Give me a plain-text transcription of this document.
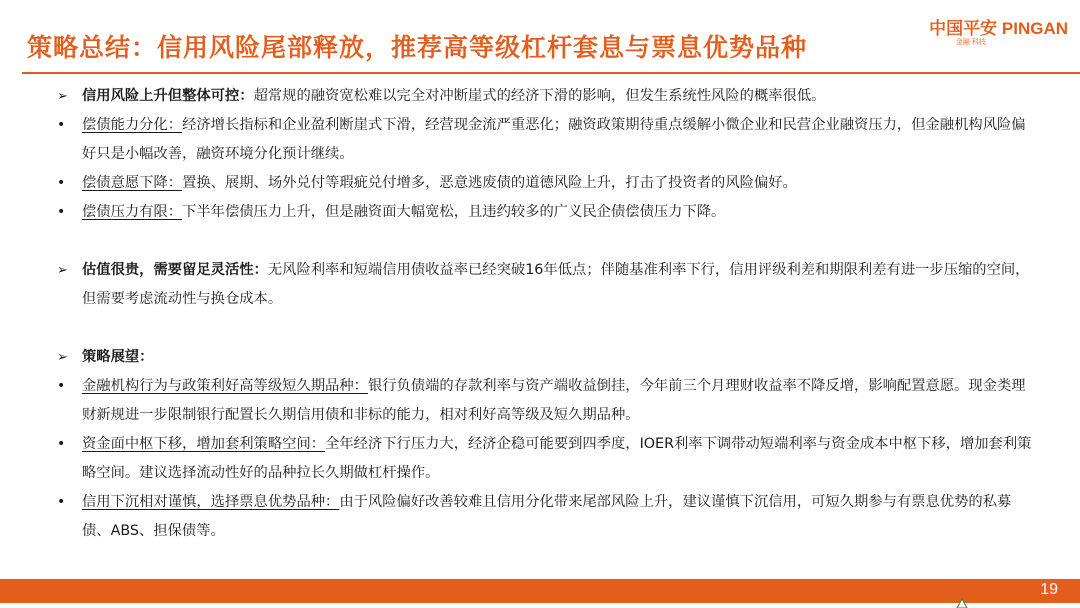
策略总结：信用风险尾部释放，推荐高等级杠杆套息与票息优势品种
中国平安 PINGAN
金融·科技
➢ 信用风险上升但整体可控：超常规的融资宽松难以完全对冲断崖式的经济下滑的影响，但发生系统性风险的概率很低。
•	偿债能力分化：经济增长指标和企业盈利断崖式下滑，经营现金流严重恶化；融资政策期待重点缓解小微企业和民营企业融资压力，但金融机构风险偏好只是小幅改善，融资环境分化预计继续。
•	偿债意愿下降：置换、展期、场外兑付等瑕疵兑付增多，恶意逃废债的道德风险上升，打击了投资者的风险偏好。
•	偿债压力有限：下半年偿债压力上升，但是融资面大幅宽松，且违约较多的广义民企债偿债压力下降。
➢ 估值很贵，需要留足灵活性：无风险利率和短端信用债收益率已经突破16年低点；伴随基准利率下行，信用评级利差和期限利差有进一步压缩的空间，但需要考虑流动性与换仓成本。
➢ 策略展望：
•	金融机构行为与政策利好高等级短久期品种：银行负债端的存款利率与资产端收益倒挂，今年前三个月理财收益率不降反增，影响配置意愿。现金类理财新规进一步限制银行配置长久期信用债和非标的能力，相对利好高等级及短久期品种。
•	资金面中枢下移，增加套利策略空间：全年经济下行压力大，经济企稳可能要到四季度，IOER利率下调带动短端利率与资金成本中枢下移，增加套利策略空间。建议选择流动性好的品种拉长久期做杠杆操作。
•	信用下沉相对谨慎，选择票息优势品种：由于风险偏好改善较难且信用分化带来尾部风险上升，建议谨慎下沉信用，可短久期参与有票息优势的私募债、ABS、担保债等。
19
